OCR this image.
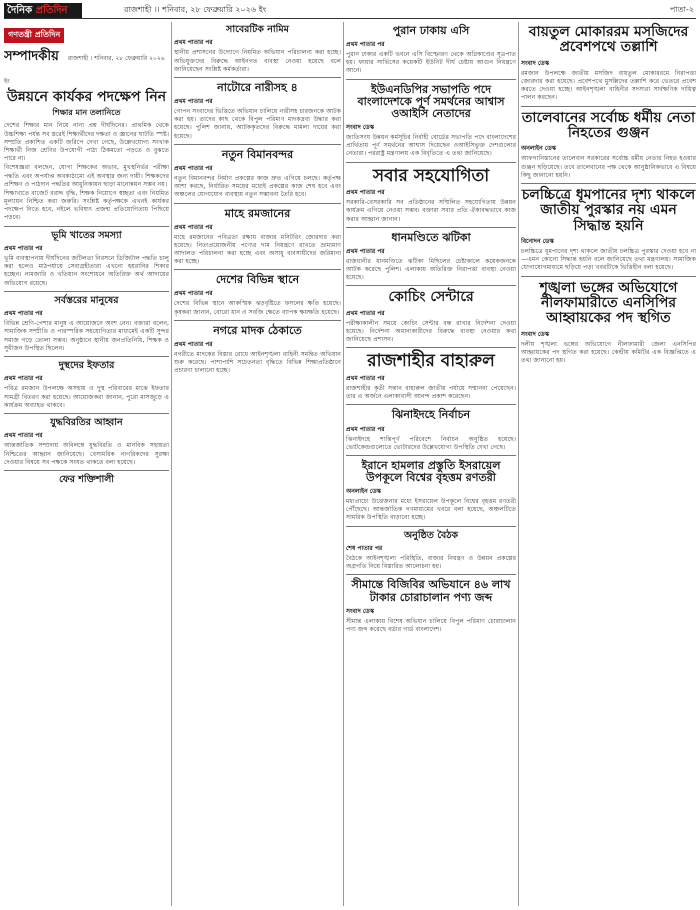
দৈনিক প্রতিদিন	রাজশাহী ।। শনিবার, ২৮ ফেব্রুয়ারি ২০২৬ ইং	পাতা-২
গণতন্ত্রী প্রতিদিন
সম্পাদকীয় রাজশাহী । শনিবার, ২৮ ফেব্রুয়ারি ২০২৬ ইং
উন্নয়নে কার্যকর পদক্ষেপ নিন
শিক্ষার মান তলানিতে

দেশের শিক্ষার মান নিয়ে নানা প্রশ্ন দীর্ঘদিনের। প্রাথমিক থেকে উচ্চশিক্ষা পর্যন্ত সব স্তরেই শিক্ষার্থীদের দক্ষতা ও জ্ঞানের ঘাটতি স্পষ্ট। সম্প্রতি প্রকাশিত একটি জরিপে দেখা গেছে, উল্লেখযোগ্য সংখ্যক শিক্ষার্থী নিজ শ্রেণির উপযোগী পাঠ্য ঠিকমতো পড়তে ও বুঝতে পারে না।

বিশেষজ্ঞরা বলছেন, যোগ্য শিক্ষকের অভাব, মুখস্থনির্ভর পরীক্ষা পদ্ধতি এবং অপর্যাপ্ত অবকাঠামো এই অবস্থার জন্য দায়ী। শিক্ষকদের প্রশিক্ষণ ও পাঠদান পদ্ধতির আধুনিকায়ন ছাড়া মানোন্নয়ন সম্ভব নয়।

শিক্ষাখাতে বাজেট বরাদ্দ বৃদ্ধি, শিক্ষক নিয়োগে স্বচ্ছতা এবং নিয়মিত মূল্যায়ন নিশ্চিত করা জরুরি। সংশ্লিষ্ট কর্তৃপক্ষকে এখনই কার্যকর পদক্ষেপ নিতে হবে, নইলে ভবিষ্যৎ প্রজন্ম প্রতিযোগিতায় পিছিয়ে পড়বে।

ভূমি খাতের সমস্যা
প্রথম পাতার পর

ভূমি ব্যবস্থাপনায় দীর্ঘদিনের জটিলতা নিরসনে ডিজিটাল পদ্ধতি চালু করা হলেও মাঠপর্যায়ে সেবাগ্রহীতারা এখনো হয়রানির শিকার হচ্ছেন। নামজারি ও খতিয়ান সংশোধনে অতিরিক্ত অর্থ আদায়ের অভিযোগ রয়েছে।

সর্বস্তরের মানুষের
প্রথম পাতার পর

বিভিন্ন শ্রেণি-পেশার মানুষ এ আয়োজনে অংশ নেন। বক্তারা বলেন, সামাজিক সম্প্রীতি ও পারস্পরিক সহযোগিতার মাধ্যমেই একটি সুন্দর সমাজ গড়ে তোলা সম্ভব। অনুষ্ঠানে স্থানীয় জনপ্রতিনিধি, শিক্ষক ও সুধীজন উপস্থিত ছিলেন।

দুস্থদের ইফতার
প্রথম পাতার পর

পবিত্র রমজান উপলক্ষে অসহায় ও দুস্থ পরিবারের মাঝে ইফতার সামগ্রী বিতরণ করা হয়েছে। আয়োজকরা জানান, পুরো মাসজুড়ে এ কার্যক্রম অব্যাহত থাকবে।

যুদ্ধবিরতির আহ্বান
প্রথম পাতার পর

আন্তর্জাতিক সম্প্রদায় অবিলম্বে যুদ্ধবিরতি ও মানবিক সহায়তা নিশ্চিতের আহ্বান জানিয়েছে। বেসামরিক নাগরিকদের সুরক্ষা দেওয়ার বিষয়ে সব পক্ষকে সংযত থাকতে বলা হয়েছে।

ফের শক্তিশালী
সাবেরটিক নামিম
প্রথম পাতার পর

স্থানীয় প্রশাসনের উদ্যোগে নিয়মিত অভিযান পরিচালনা করা হচ্ছে। অভিযুক্তদের বিরুদ্ধে আইনগত ব্যবস্থা নেওয়া হয়েছে বলে জানিয়েছেন সংশ্লিষ্ট কর্মকর্তারা।

নাটোরে নারীসহ ৪
প্রথম পাতার পর

গোপন সংবাদের ভিত্তিতে অভিযান চালিয়ে নারীসহ চারজনকে আটক করা হয়। তাদের কাছ থেকে বিপুল পরিমাণ মাদকদ্রব্য উদ্ধার করা হয়েছে। পুলিশ জানায়, আটককৃতদের বিরুদ্ধে মামলা দায়ের করা হয়েছে।

নতুন বিমানবন্দর
প্রথম পাতার পর

নতুন বিমানবন্দর নির্মাণ প্রকল্পের কাজ দ্রুত এগিয়ে চলছে। কর্তৃপক্ষ আশা করছে, নির্ধারিত সময়ের মধ্যেই প্রকল্পের কাজ শেষ হবে এবং অঞ্চলের যোগাযোগ ব্যবস্থায় নতুন সম্ভাবনা তৈরি হবে।

মাহে রমজানের
প্রথম পাতার পর

মাহে রমজানের পবিত্রতা রক্ষায় বাজার মনিটরিং জোরদার করা হয়েছে। নিত্যপ্রয়োজনীয় পণ্যের দাম নিয়ন্ত্রণে রাখতে ভ্রাম্যমাণ আদালত পরিচালনা করা হচ্ছে এবং অসাধু ব্যবসায়ীদের জরিমানা করা হচ্ছে।

দেশের বিভিন্ন স্থানে
প্রথম পাতার পর

দেশের বিভিন্ন স্থানে আকস্মিক ঝড়বৃষ্টিতে ফসলের ক্ষতি হয়েছে। কৃষকরা জানান, বোরো ধান ও সবজি ক্ষেতে ব্যাপক ক্ষয়ক্ষতি হয়েছে।

নগরে মাদক ঠেকাতে
প্রথম পাতার পর

নগরীতে মাদকের বিস্তার রোধে আইনশৃঙ্খলা বাহিনী সমন্বিত অভিযান শুরু করেছে। পাশাপাশি সচেতনতা বৃদ্ধিতে বিভিন্ন শিক্ষাপ্রতিষ্ঠানে প্রচারণা চালানো হচ্ছে।

পুরান ঢাকায় এসি
প্রথম পাতার পর

পুরান ঢাকার একটি ভবনে এসি বিস্ফোরণ থেকে অগ্নিকাণ্ডের সূত্রপাত হয়। ফায়ার সার্ভিসের কয়েকটি ইউনিট দীর্ঘ চেষ্টায় আগুন নিয়ন্ত্রণে আনে।

ইউএনডিপির সভাপতি পদে বাংলাদেশকে পূর্ণ সমর্থনের আশ্বাস ওআইসি নেতাদের
সংবাদ ডেস্ক

জাতিসংঘ উন্নয়ন কর্মসূচির নির্বাহী বোর্ডের সভাপতি পদে বাংলাদেশের প্রার্থিতায় পূর্ণ সমর্থনের আশ্বাস দিয়েছেন ওআইসিভুক্ত দেশগুলোর নেতারা। পররাষ্ট্র মন্ত্রণালয় এক বিবৃতিতে এ তথ্য জানিয়েছে।

সবার সহযোগিতা
প্রথম পাতার পর

সরকারি-বেসরকারি সব প্রতিষ্ঠানের সম্মিলিত সহযোগিতায় উন্নয়ন কার্যক্রম এগিয়ে নেওয়া সম্ভব। বক্তারা সবার প্রতি ঐক্যবদ্ধভাবে কাজ করার আহ্বান জানান।

ধানমণ্ডিতে ঝটিকা
প্রথম পাতার পর

রাজধানীর ধানমণ্ডিতে ঝটিকা মিছিলের চেষ্টাকালে কয়েকজনকে আটক করেছে পুলিশ। এলাকায় অতিরিক্ত নিরাপত্তা ব্যবস্থা নেওয়া হয়েছে।

কোচিং সেন্টারে
প্রথম পাতার পর

পরীক্ষাকালীন সময়ে কোচিং সেন্টার বন্ধ রাখার নির্দেশনা দেওয়া হয়েছে। নির্দেশনা অমান্যকারীদের বিরুদ্ধে ব্যবস্থা নেওয়ার কথা জানিয়েছে প্রশাসন।

রাজশাহীর বাহারুল
প্রথম পাতার পর

রাজশাহীর কৃতী সন্তান বাহারুল জাতীয় পর্যায়ে সম্মাননা পেয়েছেন। তার এ অর্জনে এলাকাবাসী আনন্দ প্রকাশ করেছেন।

ঝিনাইদহে নির্বাচন
প্রথম পাতার পর

ঝিনাইদহে শান্তিপূর্ণ পরিবেশে নির্বাচন অনুষ্ঠিত হয়েছে। ভোটকেন্দ্রগুলোতে ভোটারদের উল্লেখযোগ্য উপস্থিতি দেখা গেছে।

ইরানে হামলার প্রস্তুতি ইসরায়েল উপকূলে বিশ্বের বৃহত্তম রণতরী
অনলাইন ডেস্ক

মধ্যপ্রাচ্যে উত্তেজনার মধ্যে ইসরায়েল উপকূলে বিশ্বের বৃহত্তম রণতরী পৌঁছেছে। আন্তর্জাতিক গণমাধ্যমের খবরে বলা হয়েছে, অঞ্চলটিতে সামরিক উপস্থিতি বাড়ানো হচ্ছে।

অনুষ্ঠিত বৈঠক
শেষ পাতার পর

বৈঠকে আইনশৃঙ্খলা পরিস্থিতি, বাজার নিয়ন্ত্রণ ও উন্নয়ন প্রকল্পের অগ্রগতি নিয়ে বিস্তারিত আলোচনা হয়।

সীমান্তে বিজিবির অভিযানে ৪৬ লাখ টাকার চোরাচালান পণ্য জব্দ
সংবাদ ডেস্ক

সীমান্ত এলাকায় বিশেষ অভিযান চালিয়ে বিপুল পরিমাণ চোরাচালান পণ্য জব্দ করেছে বর্ডার গার্ড বাংলাদেশ।

বায়তুল মোকাররম মসজিদের প্রবেশপথে তল্লাশি
সংবাদ ডেস্ক

রমজান উপলক্ষে জাতীয় মসজিদ বায়তুল মোকাররমে নিরাপত্তা জোরদার করা হয়েছে। প্রবেশপথে মুসল্লিদের তল্লাশি করে ভেতরে প্রবেশ করতে দেওয়া হচ্ছে। আইনশৃঙ্খলা বাহিনীর সদস্যরা সার্বক্ষণিক দায়িত্ব পালন করছেন।

তালেবানের সর্বোচ্চ ধর্মীয় নেতা নিহতের গুঞ্জন
অনলাইন ডেস্ক

আফগানিস্তানের তালেবান সরকারের সর্বোচ্চ ধর্মীয় নেতার নিহত হওয়ার গুঞ্জন ছড়িয়েছে। তবে তালেবানের পক্ষ থেকে আনুষ্ঠানিকভাবে এ বিষয়ে কিছু জানানো হয়নি।

চলচ্চিত্রে ধূমপানের দৃশ্য থাকলে জাতীয় পুরস্কার নয় এমন সিদ্ধান্ত হয়নি
বিনোদন ডেস্ক

চলচ্চিত্রে ধূমপানের দৃশ্য থাকলে জাতীয় চলচ্চিত্র পুরস্কার দেওয়া হবে না—এমন কোনো সিদ্ধান্ত হয়নি বলে জানিয়েছে তথ্য মন্ত্রণালয়। সামাজিক যোগাযোগমাধ্যমে ছড়িয়ে পড়া খবরটিকে ভিত্তিহীন বলা হয়েছে।

শৃঙ্খলা ভঙ্গের অভিযোগে নীলফামারীতে এনসিপির আহ্বায়কের পদ স্থগিত
সংবাদ ডেস্ক

দলীয় শৃঙ্খলা ভঙ্গের অভিযোগে নীলফামারী জেলা এনসিপির আহ্বায়কের পদ স্থগিত করা হয়েছে। কেন্দ্রীয় কমিটির এক বিজ্ঞপ্তিতে এ তথ্য জানানো হয়।
